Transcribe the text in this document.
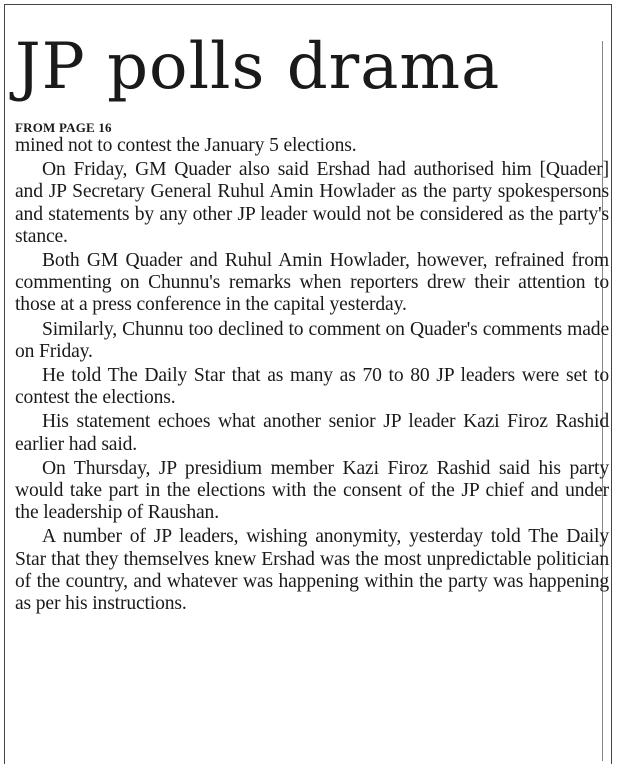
JP polls drama
FROM PAGE 16

mined not to contest the January 5 elections.

On Friday, GM Quader also said Ershad had authorised him [Quader] and JP Secretary General Ruhul Amin Howlader as the party spokespersons and statements by any other JP leader would not be considered as the party's stance.

Both GM Quader and Ruhul Amin Howlader, however, refrained from commenting on Chunnu's remarks when reporters drew their attention to those at a press conference in the capital yesterday.

Similarly, Chunnu too declined to comment on Quader's comments made on Friday.

He told The Daily Star that as many as 70 to 80 JP leaders were set to contest the elections.

His statement echoes what another senior JP leader Kazi Firoz Rashid earlier had said.

On Thursday, JP presidium member Kazi Firoz Rashid said his party would take part in the elections with the consent of the JP chief and under the leadership of Raushan.

A number of JP leaders, wishing anonymity, yesterday told The Daily Star that they themselves knew Ershad was the most unpredictable politician of the country, and whatever was happening within the party was happening as per his instructions.
